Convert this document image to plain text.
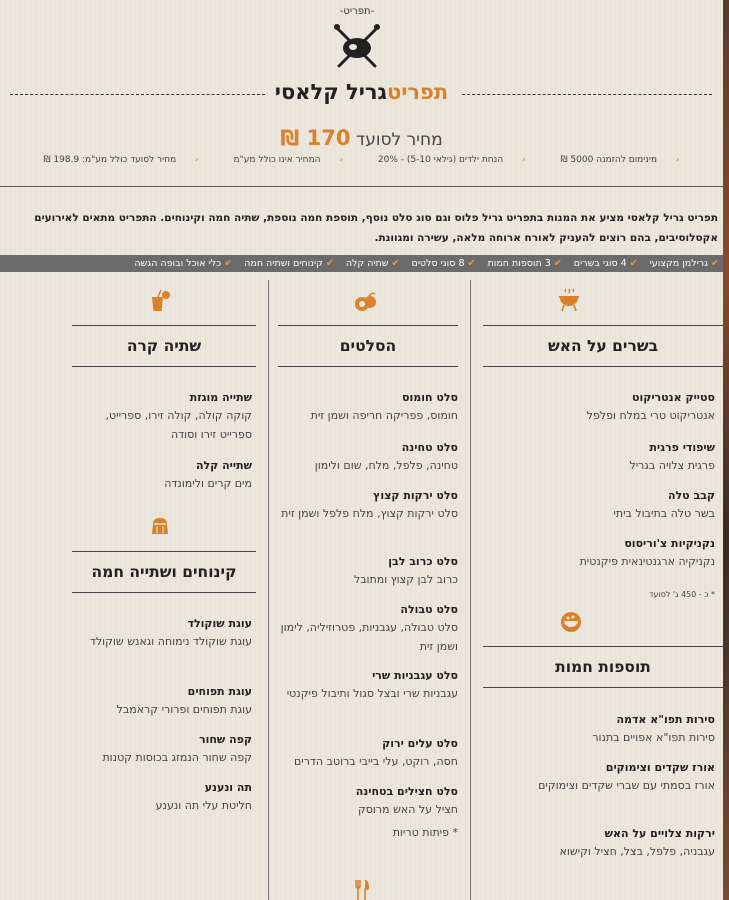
-תפריט-
תפריטגריל קלאסי
מחיר לסועד 170 ₪
‹ מינימום להזמנה 5000 ₪ ‹ הנחת ילדים (גילאי 5-10) - 20% ‹ המחיר אינו כולל מע"מ ‹ מחיר לסועד כולל מע"מ: 198.9 ₪
תפריט גריל קלאסי מציע את המנות בתפריט גריל פלוס וגם סוג סלט נוסף, תוספת חמה נוספת, שתיה חמה וקינוחים. התפריט מתאים לאירועים
אקסלוסיבים, בהם רוצים להעניק לאורח ארוחה מלאה, עשירה ומגוונת.
✔גרילמן מקצועי
✔4 סוגי בשרים
✔3 תוספות חמות
✔8 סוגי סלטים
✔שתיה קלה
✔קינוחים ושתיה חמה
✔כלי אוכל ובופה הגשה
בשרים על האש
סטייק אנטריקוט
אנטריקוט טרי במלח ופלפל
שיפודי פרגית
פרגית צלויה בגריל
קבב טלה
בשר טלה בתיבול ביתי
נקניקיות צ'וריסוס
נקניקיה ארגנטינאית פיקנטית
* כ - 450 ג' לסועד
תוספות חמות
סירות תפו"א אדמה
סירות תפו"א אפויים בתנור
אורז שקדים וצימוקים
אורז בסמתי עם שברי שקדים וצימוקים
ירקות צלויים על האש
עגבניה, פלפל, בצל, חציל וקישוא
הסלטים
סלט חומוס
חומוס, פפריקה חריפה ושמן זית
סלט טחינה
טחינה, פלפל, מלח, שום ולימון
סלט ירקות קצוץ
סלט ירקות קצוץ, מלח פלפל ושמן זית
סלט כרוב לבן
כרוב לבן קצוץ ומתובל
סלט טבולה
סלט טבולה, עגבניות, פטרוזיליה, לימון ושמן זית
סלט עגבניות שרי
עגבניות שרי ובצל סגול ותיבול פיקנטי
סלט עלים ירוק
חסה, רוקט, עלי בייבי ברוטב הדרים
סלט חצילים בטחינה
חציל על האש מרוסק
* פיתות טריות
שתיה קרה
שתייה מוגזת
קוקה קולה, קולה זירו, ספרייט, ספרייט זירו וסודה
שתייה קלה
מים קרים ולימונדה
קינוחים ושתייה חמה
עוגת שוקולד
עוגת שוקולד נימוחה וגאנש שוקולד
עוגת תפוחים
עוגת תפוחים ופרורי קראמבל
קפה שחור
קפה שחור הנמזג בכוסות קטנות
תה ונענע
חליטת עלי תה ונענע
